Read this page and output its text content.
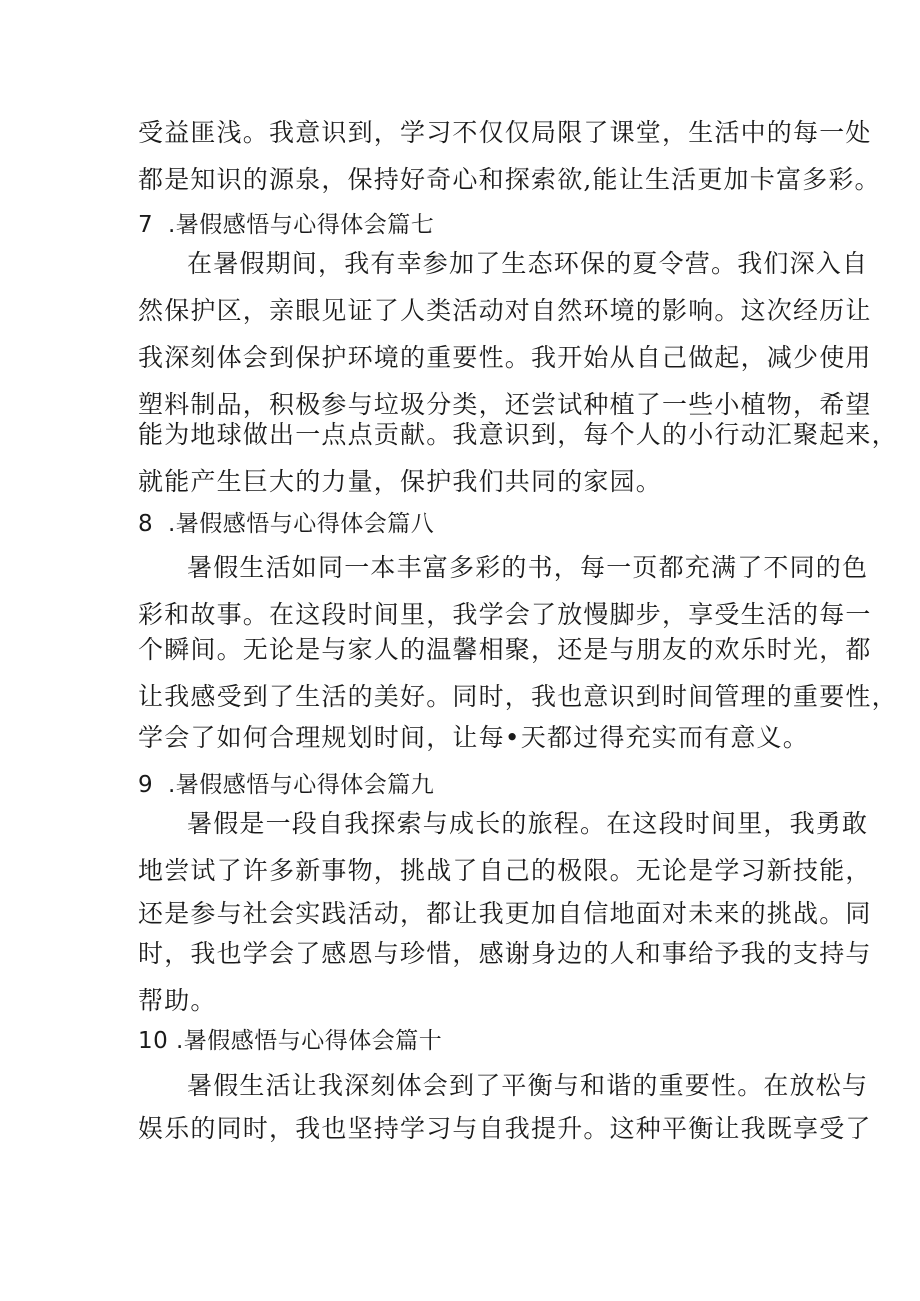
受益匪浅。我意识到，学习不仅仅局限了课堂，生活中的每一处
都是知识的源泉，保持好奇心和探索欲,能让生活更加卡富多彩。
7 .暑假感悟与心得体会篇七
在暑假期间，我有幸参加了生态环保的夏令营。我们深入自
然保护区，亲眼见证了人类活动对自然环境的影响。这次经历让
我深刻体会到保护环境的重要性。我开始从自己做起，减少使用
塑料制品，积极参与垃圾分类，还尝试种植了一些小植物，希望
能为地球做出一点点贡献。我意识到，每个人的小行动汇聚起来，
就能产生巨大的力量，保护我们共同的家园。
8 .暑假感悟与心得体会篇八
暑假生活如同一本丰富多彩的书，每一页都充满了不同的色
彩和故事。在这段时间里，我学会了放慢脚步，享受生活的每一
个瞬间。无论是与家人的温馨相聚，还是与朋友的欢乐时光，都
让我感受到了生活的美好。同时，我也意识到时间管理的重要性，
学会了如何合理规划时间，让每•天都过得充实而有意义。
9 .暑假感悟与心得体会篇九
暑假是一段自我探索与成长的旅程。在这段时间里，我勇敢
地尝试了许多新事物，挑战了自己的极限。无论是学习新技能，
还是参与社会实践活动，都让我更加自信地面对未来的挑战。同
时，我也学会了感恩与珍惜，感谢身边的人和事给予我的支持与
帮助。
10 .暑假感悟与心得体会篇十
暑假生活让我深刻体会到了平衡与和谐的重要性。在放松与
娱乐的同时，我也坚持学习与自我提升。这种平衡让我既享受了
